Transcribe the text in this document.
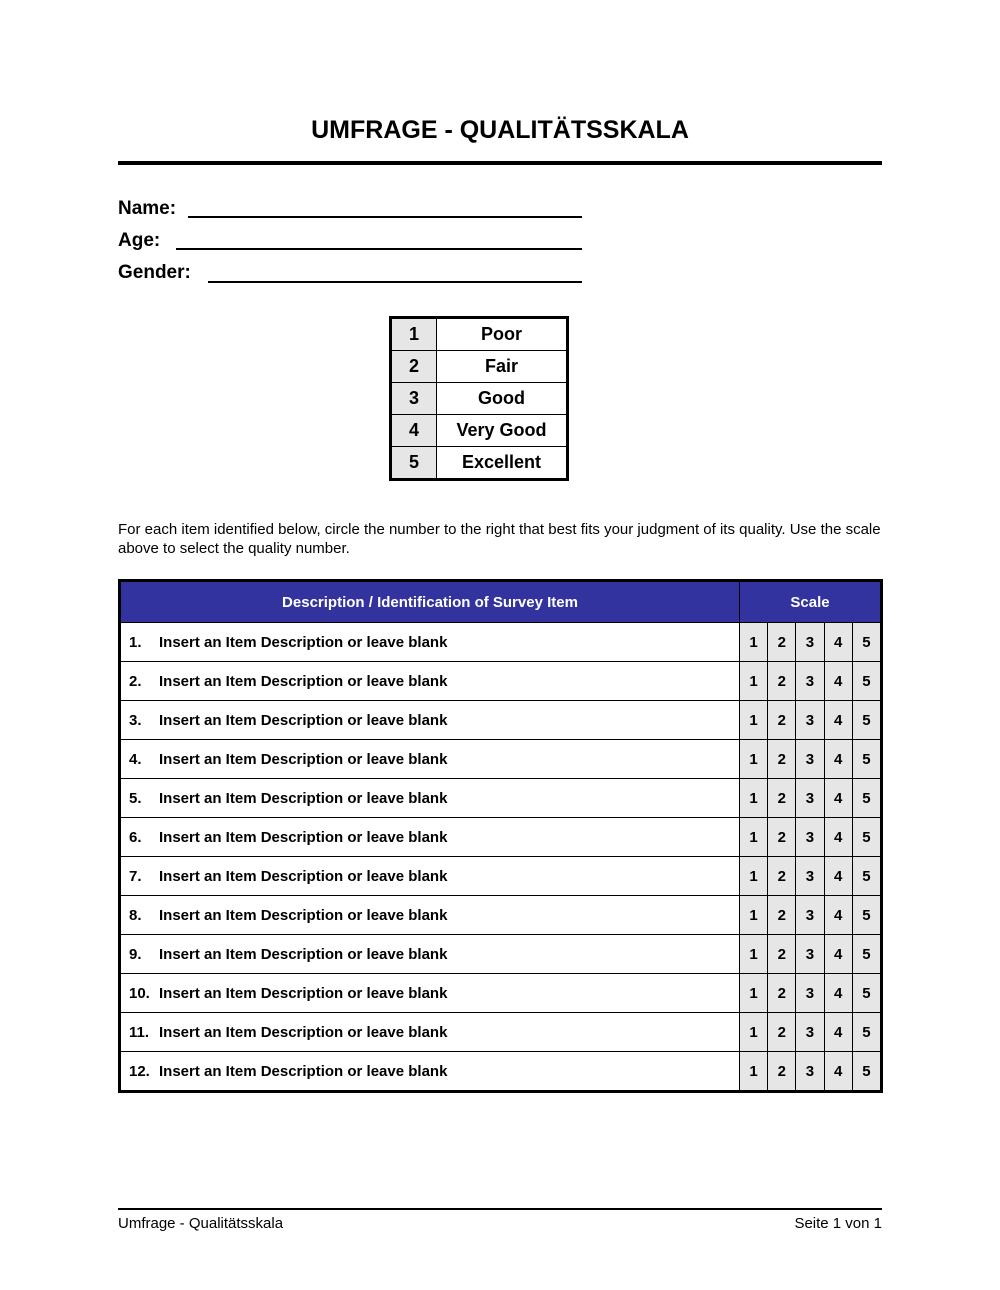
UMFRAGE - QUALITÄTSSKALA
Name:
Age:
Gender:
1	Poor
2	Fair
3	Good
4	Very Good
5	Excellent
For each item identified below, circle the number to the right that best fits your judgment of its quality. Use the scale above to select the quality number.
Description / Identification of Survey Item	Scale				
1. Insert an Item Description or leave blank	1	2	3	4	5
2. Insert an Item Description or leave blank	1	2	3	4	5
3. Insert an Item Description or leave blank	1	2	3	4	5
4. Insert an Item Description or leave blank	1	2	3	4	5
5. Insert an Item Description or leave blank	1	2	3	4	5
6. Insert an Item Description or leave blank	1	2	3	4	5
7. Insert an Item Description or leave blank	1	2	3	4	5
8. Insert an Item Description or leave blank	1	2	3	4	5
9. Insert an Item Description or leave blank	1	2	3	4	5
10. Insert an Item Description or leave blank	1	2	3	4	5
11. Insert an Item Description or leave blank	1	2	3	4	5
12. Insert an Item Description or leave blank	1	2	3	4	5
Umfrage - Qualitätsskala	Seite 1 von 1
